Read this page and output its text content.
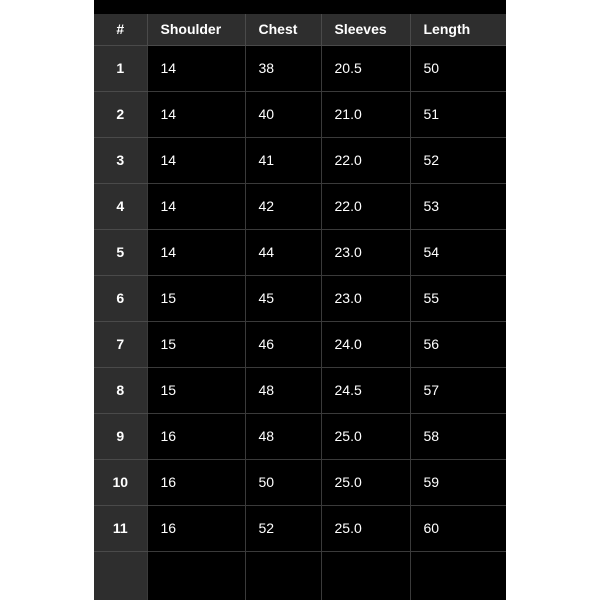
#	Shoulder	Chest	Sleeves	Length
1	14	38	20.5	50
2	14	40	21.0	51
3	14	41	22.0	52
4	14	42	22.0	53
5	14	44	23.0	54
6	15	45	23.0	55
7	15	46	24.0	56
8	15	48	24.5	57
9	16	48	25.0	58
10	16	50	25.0	59
11	16	52	25.0	60
